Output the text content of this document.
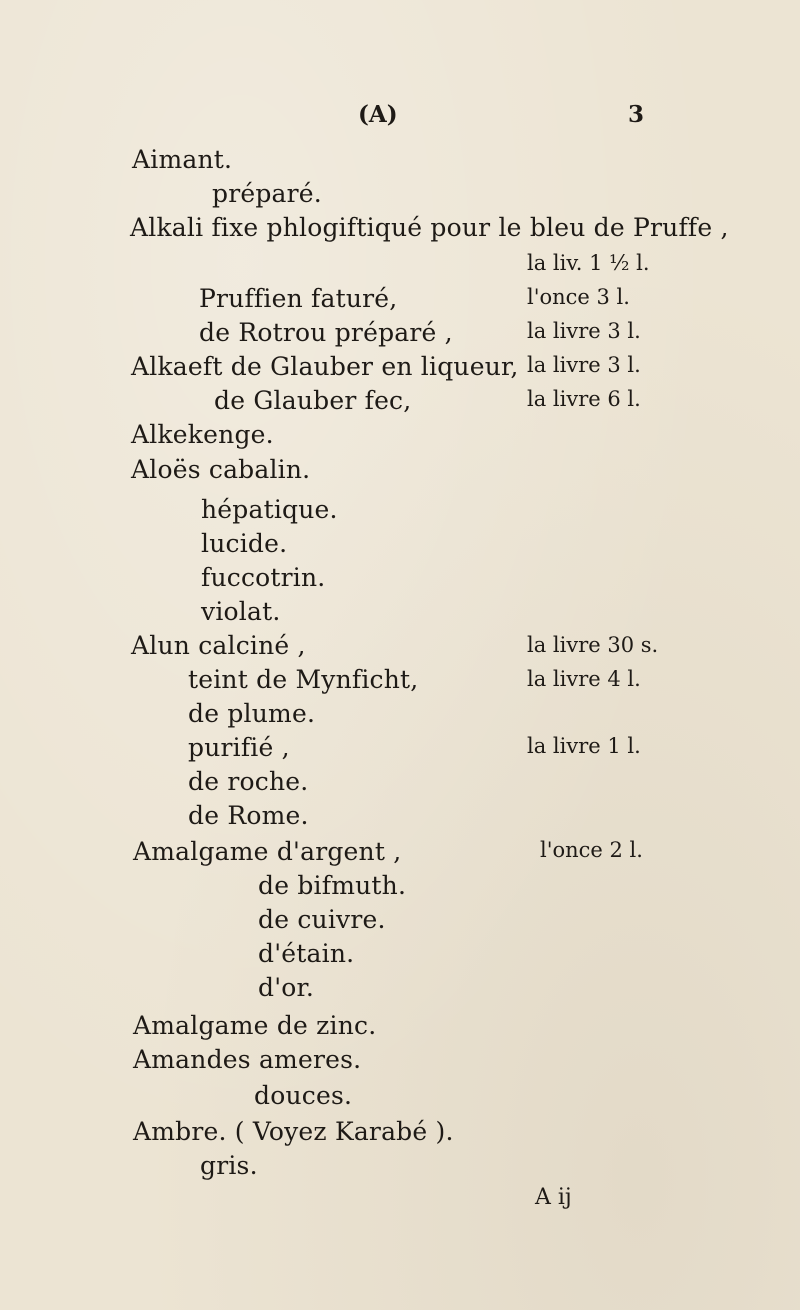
(A)	3
Aimant.
préparé.
Alkali fixe phlogiftiqué pour le bleu de Pruffe ,
la liv. 1 ½ l.
Pruffien faturé,	l'once 3 l.
de Rotrou préparé ,	la livre 3 l.
Alkaeft de Glauber en liqueur, la livre 3 l.
de Glauber fec,	la livre 6 l.
Alkekenge.
Aloës cabalin.
hépatique.
lucide.
fuccotrin.
violat.
Alun calciné ,	la livre 30 s.
teint de Mynficht,	la livre 4 l.
de plume.
purifié ,	la livre 1 l.
de roche.
de Rome.
Amalgame d'argent ,	l'once 2 l.
de bifmuth.
de cuivre.
d'étain.
d'or.
Amalgame de zinc.
Amandes ameres.
douces.
Ambre. ( Voyez Karabé ).
gris.
A ij
